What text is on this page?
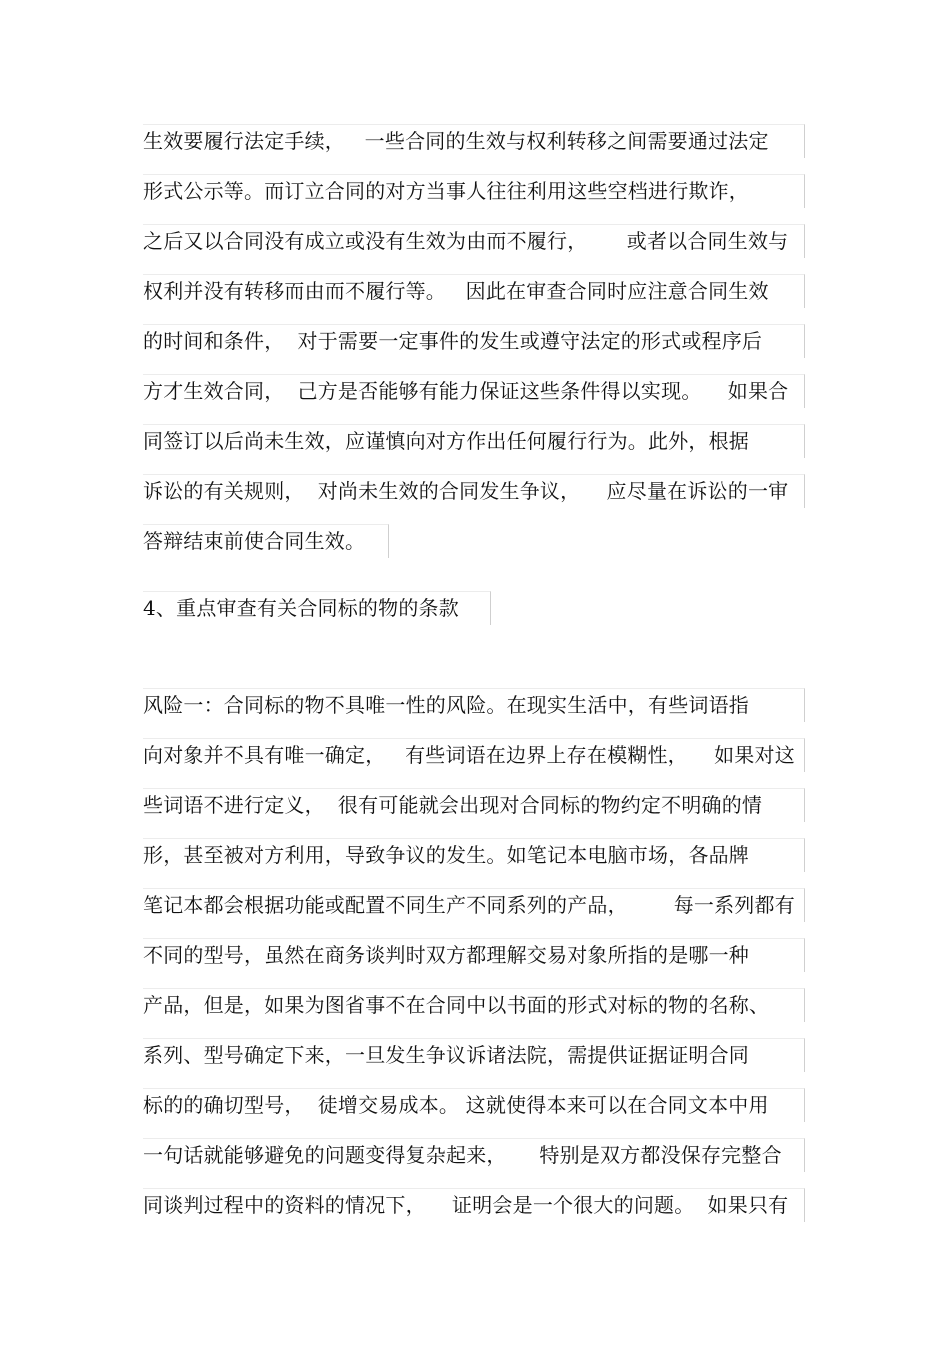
生效要履行法定手续，   一些合同的生效与权利转移之间需要通过法定
形式公示等。而订立合同的对方当事人往往利用这些空档进行欺诈，
之后又以合同没有成立或没有生效为由而不履行，      或者以合同生效与
权利并没有转移而由而不履行等。   因此在审查合同时应注意合同生效
的时间和条件，  对于需要一定事件的发生或遵守法定的形式或程序后
方才生效合同，  己方是否能够有能力保证这些条件得以实现。    如果合
同签订以后尚未生效，应谨慎向对方作出任何履行行为。此外，根据
诉讼的有关规则，  对尚未生效的合同发生争议，    应尽量在诉讼的一审
答辩结束前使合同生效。
4、重点审查有关合同标的物的条款
风险一：合同标的物不具唯一性的风险。在现实生活中，有些词语指
向对象并不具有唯一确定，   有些词语在边界上存在模糊性，    如果对这
些词语不进行定义，  很有可能就会出现对合同标的物约定不明确的情
形，甚至被对方利用，导致争议的发生。如笔记本电脑市场，各品牌
笔记本都会根据功能或配置不同生产不同系列的产品，       每一系列都有
不同的型号，虽然在商务谈判时双方都理解交易对象所指的是哪一种
产品，但是，如果为图省事不在合同中以书面的形式对标的物的名称、
系列、型号确定下来，一旦发生争议诉诸法院，需提供证据证明合同
标的的确切型号，  徒增交易成本。 这就使得本来可以在合同文本中用
一句话就能够避免的问题变得复杂起来，     特别是双方都没保存完整合
同谈判过程中的资料的情况下，    证明会是一个很大的问题。  如果只有
